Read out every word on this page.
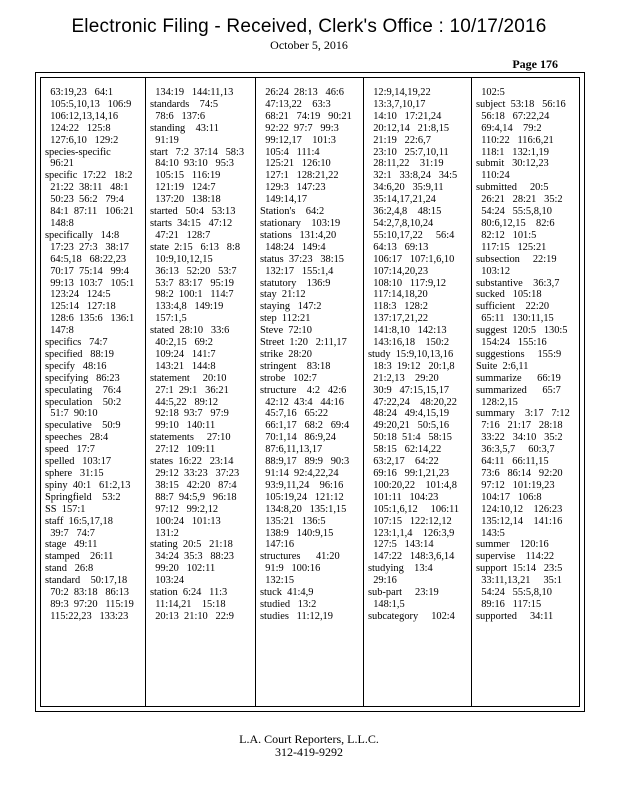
Electronic Filing - Received, Clerk's Office : 10/17/2016
October 5, 2016
Page 176
63:19,23   64:1
105:5,10,13   106:9
106:12,13,14,16
124:22   125:8
127:6,10   129:2
species-specific
96:21
specific  17:22   18:2
21:22  38:11   48:1
50:23  56:2   79:4
84:1  87:11   106:21
148:8
specifically   14:8
17:23  27:3   38:17
64:5,18   68:22,23
70:17  75:14   99:4
99:13  103:7   105:1
123:24   124:5
125:14   127:18
128:6  135:6   136:1
147:8
specifics   74:7
specified   88:19
specify   48:16
specifying   86:23
speculating    76:4
speculation    50:2
51:7  90:10
speculative    50:9
speeches   28:4
speed   17:7
spelled   103:17
sphere   31:15
spiny  40:1   61:2,13
Springfield    53:2
SS  157:1
staff  16:5,17,18
39:7   74:7
stage   49:11
stamped    26:11
stand   26:8
standard    50:17,18
70:2  83:18   86:13
89:3  97:20   115:19
115:22,23   133:23
134:19   144:11,13
standards    74:5
78:6   137:6
standing    43:11
91:19
start   7:2  37:14   58:3
84:10  93:10   95:3
105:15   116:19
121:19   124:7
137:20   138:18
started   50:4   53:13
starts  34:15   47:12
47:21   128:7
state  2:15   6:13   8:8
10:9,10,12,15
36:13   52:20   53:7
53:7  83:17   95:19
98:2  100:1   114:7
133:4,8   149:19
157:1,5
stated  28:10   33:6
40:2,15   69:2
109:24   141:7
143:21   144:8
statement     20:10
27:1  29:1   36:21
44:5,22   89:12
92:18  93:7   97:9
99:10   140:11
statements     27:10
27:12   109:11
states  16:22   23:14
29:12  33:23   37:23
38:15   42:20   87:4
88:7  94:5,9   96:18
97:12   99:2,12
100:24   101:13
131:2
stating  20:5   21:18
34:24  35:3   88:23
99:20   102:11
103:24
station  6:24   11:3
11:14,21    15:18
20:13  21:10   22:9
26:24  28:13   46:6
47:13,22    63:3
68:21   74:19   90:21
92:22  97:7   99:3
99:12,17    101:3
105:4   111:4
125:21   126:10
127:1   128:21,22
129:3   147:23
149:14,17
Station's    64:2
stationary    103:19
stations   131:4,20
148:24   149:4
status  37:23   38:15
132:17   155:1,4
statutory    136:9
stay  21:12
staying   147:2
step  112:21
Steve  72:10
Street  1:20   2:11,17
strike  28:20
stringent    83:18
strobe   102:7
structure    4:2   42:6
42:12  43:4   44:16
45:7,16   65:22
66:1,17   68:2   69:4
70:1,14   86:9,24
87:6,11,13,17
88:9,17   89:9   90:3
91:14  92:4,22,24
93:9,11,24    96:16
105:19,24   121:12
134:8,20   135:1,15
135:21   136:5
138:9   140:9,15
147:16
structures      41:20
91:9   100:16
132:15
stuck  41:4,9
studied   13:2
studies   11:12,19
12:9,14,19,22
13:3,7,10,17
14:10   17:21,24
20:12,14   21:8,15
21:19   22:6,7
23:10   25:7,10,11
28:11,22    31:19
32:1   33:8,24   34:5
34:6,20   35:9,11
35:14,17,21,24
36:2,4,8    48:15
54:2,7,8,10,24
55:10,17,22     56:4
64:13   69:13
106:17   107:1,6,10
107:14,20,23
108:10   117:9,12
117:14,18,20
118:3   128:2
137:17,21,22
141:8,10   142:13
143:16,18    150:2
study  15:9,10,13,16
18:3  19:12   20:1,8
21:2,13    29:20
30:9   47:15,15,17
47:22,24    48:20,22
48:24   49:4,15,19
49:20,21   50:5,16
50:18  51:4   58:15
58:15   62:14,22
63:2,17    64:22
69:16   99:1,21,23
100:20,22    101:4,8
101:11   104:23
105:1,6,12     106:11
107:15   122:12,12
123:1,1,4    126:3,9
127:5   143:14
147:22   148:3,6,14
studying    13:4
29:16
sub-part     23:19
148:1,5
subcategory     102:4
102:5
subject  53:18   56:16
56:18   67:22,24
69:4,14    79:2
110:22   116:6,21
118:1   132:1,19
submit   30:12,23
110:24
submitted     20:5
26:21   28:21   35:2
54:24   55:5,8,10
80:6,12,15    82:6
82:12   101:5
117:15   125:21
subsection     22:19
103:12
substantive    36:3,7
sucked   105:18
sufficient    22:20
65:11   130:11,15
suggest  120:5   130:5
154:24   155:16
suggestions     155:9
Suite  2:6,11
summarize      66:19
summarized      65:7
128:2,15
summary    3:17   7:12
7:16   21:17   28:18
33:22   34:10   35:2
36:3,5,7     60:3,7
64:11   66:11,15
73:6   86:14   92:20
97:12   101:19,23
104:17   106:8
124:10,12    126:23
135:12,14    141:16
143:5
summer    120:16
supervise    114:22
support  15:14   23:5
33:11,13,21     35:1
54:24   55:5,8,10
89:16   117:15
supported     34:11
L.A. Court Reporters, L.L.C.
312-419-9292
